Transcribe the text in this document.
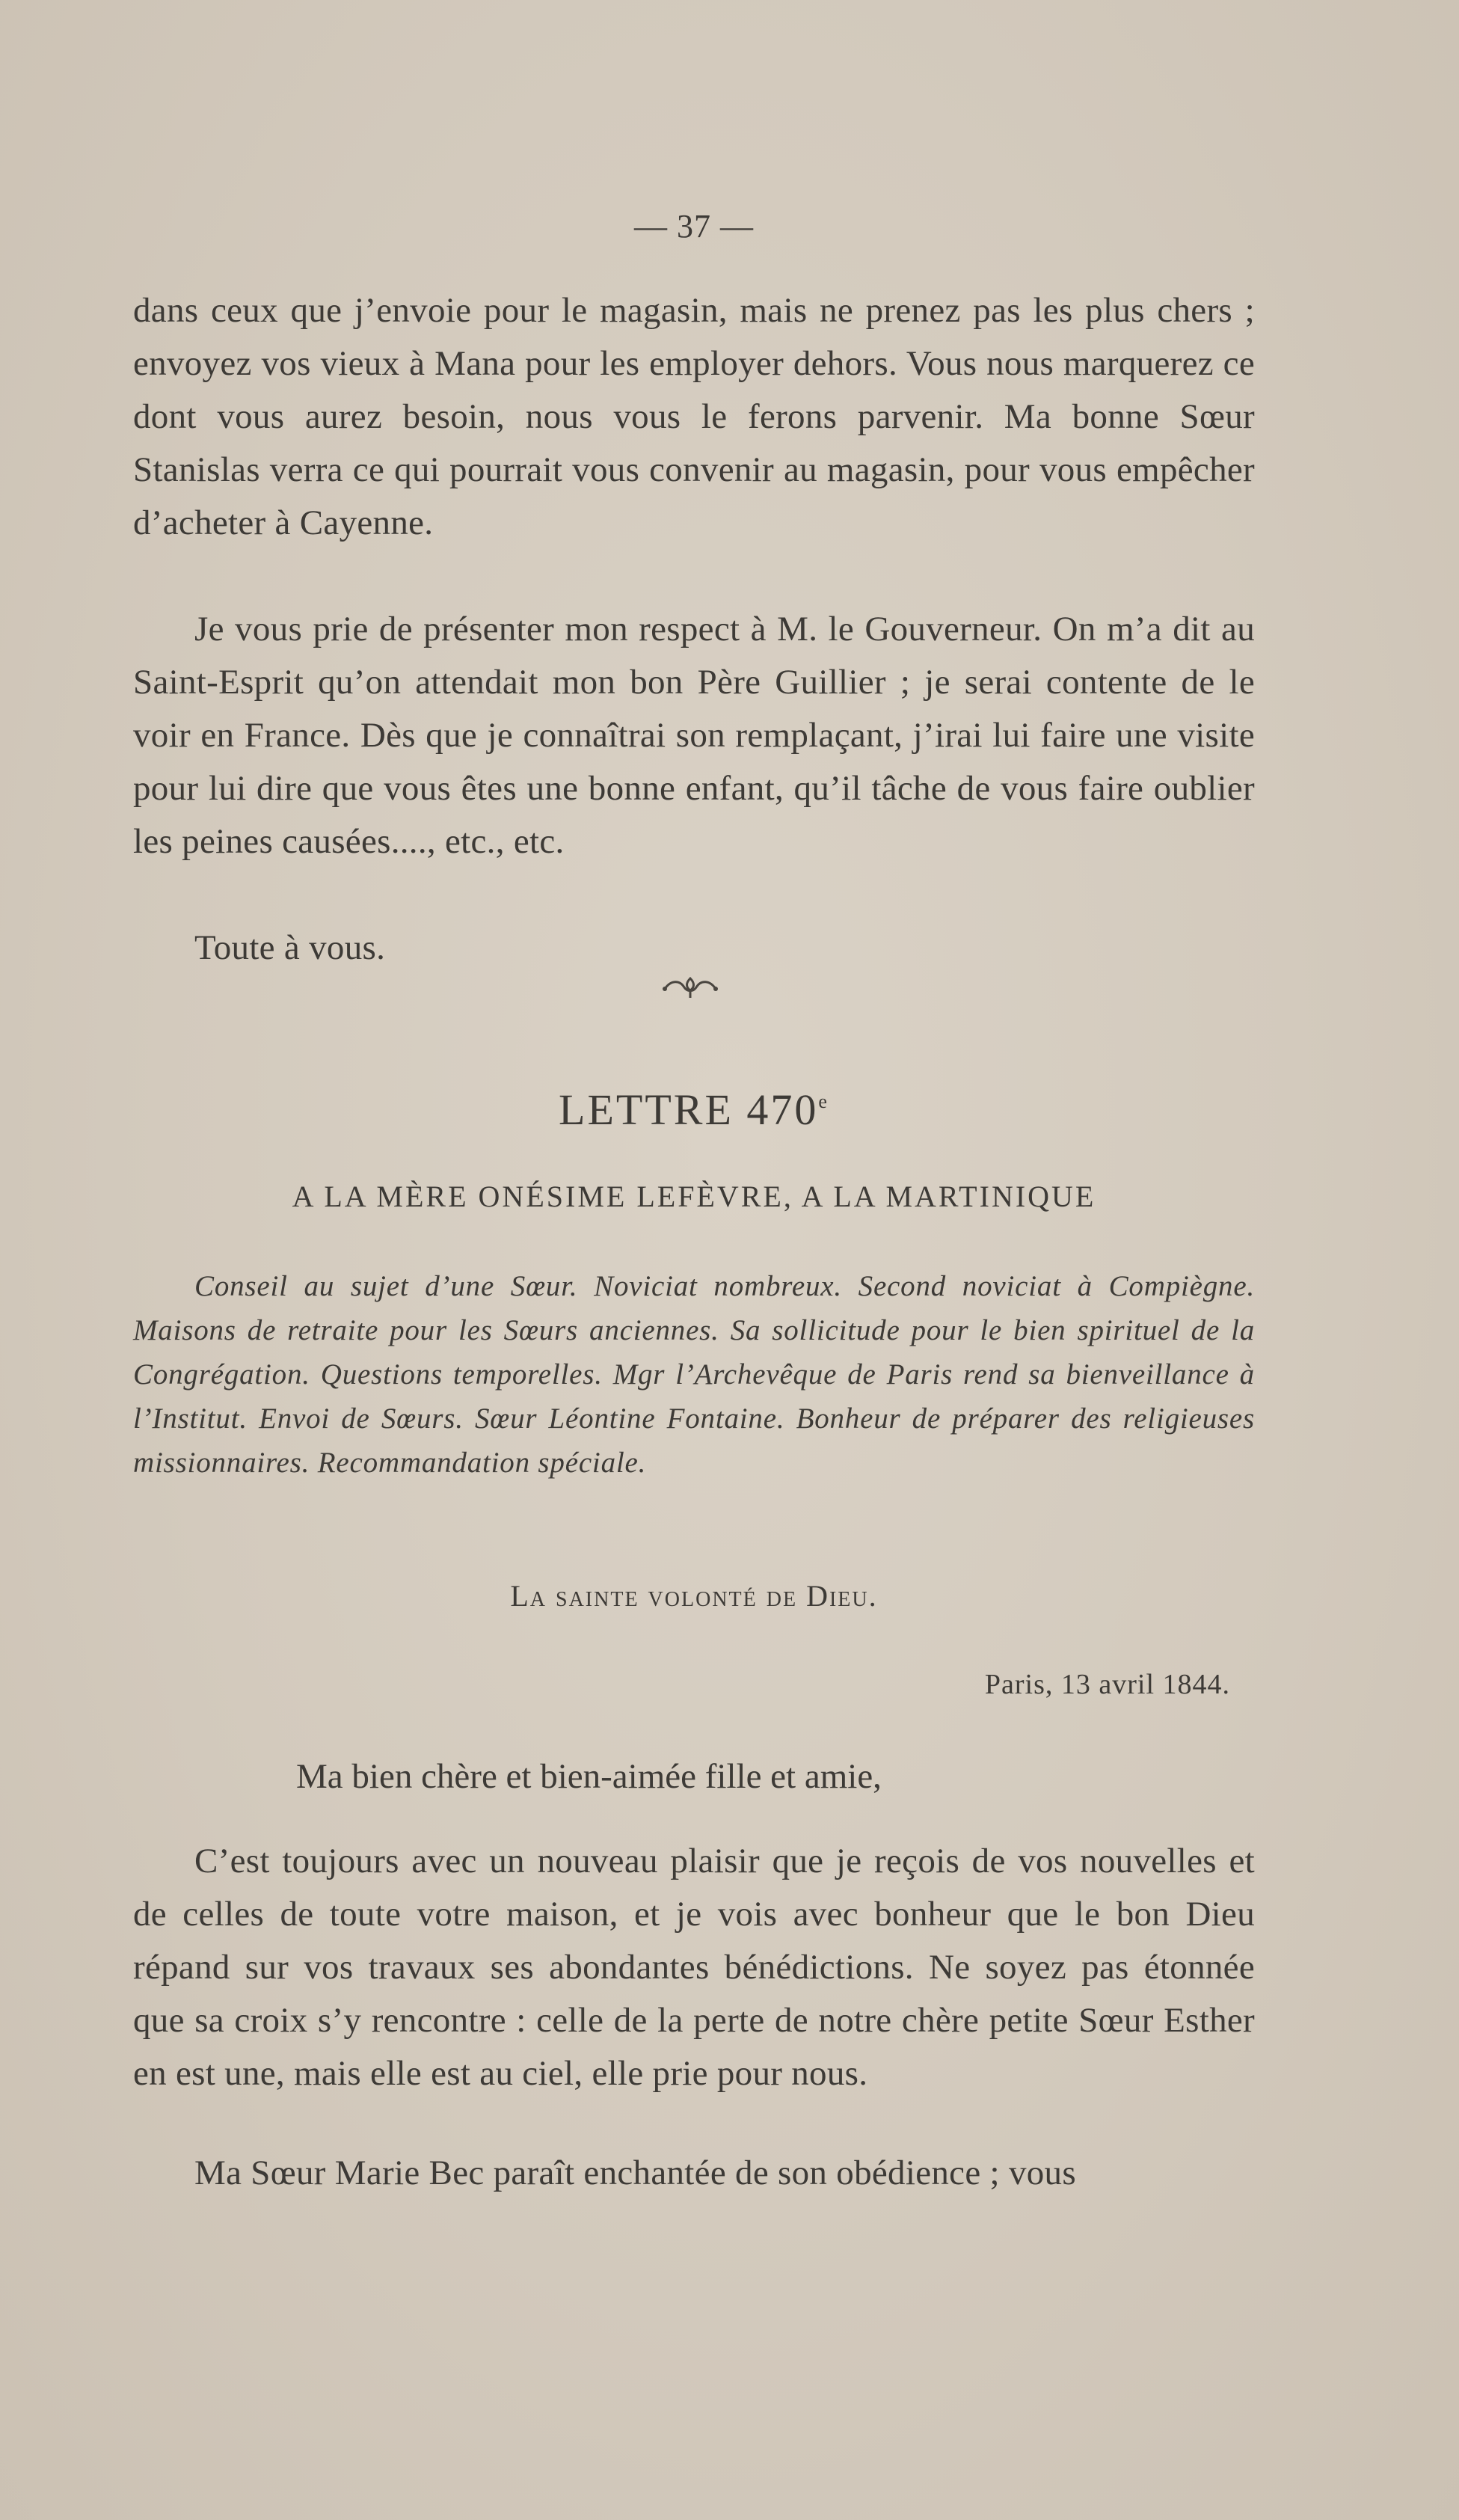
— 37 —
dans ceux que j’envoie pour le magasin, mais ne prenez pas les plus chers ; envoyez vos vieux à Mana pour les employer dehors. Vous nous marquerez ce dont vous aurez besoin, nous vous le ferons parvenir. Ma bonne Sœur Stanislas verra ce qui pourrait vous convenir au magasin, pour vous empêcher d’acheter à Cayenne.
Je vous prie de présenter mon respect à M. le Gouverneur. On m’a dit au Saint-Esprit qu’on attendait mon bon Père Guillier ; je serai contente de le voir en France. Dès que je connaîtrai son remplaçant, j’irai lui faire une visite pour lui dire que vous êtes une bonne enfant, qu’il tâche de vous faire oublier les peines causées...., etc., etc.
Toute à vous.
LETTRE 470e
A LA MÈRE ONÉSIME LEFÈVRE, A LA MARTINIQUE
Conseil au sujet d’une Sœur. Noviciat nombreux. Second noviciat à Compiègne. Maisons de retraite pour les Sœurs anciennes. Sa sollicitude pour le bien spirituel de la Congrégation. Questions temporelles. Mgr l’Archevêque de Paris rend sa bienveillance à l’Institut. Envoi de Sœurs. Sœur Léontine Fontaine. Bonheur de préparer des religieuses missionnaires. Recommandation spéciale.
La sainte volonté de Dieu.
Paris, 13 avril 1844.
Ma bien chère et bien-aimée fille et amie,
C’est toujours avec un nouveau plaisir que je reçois de vos nouvelles et de celles de toute votre maison, et je vois avec bonheur que le bon Dieu répand sur vos travaux ses abondantes bénédictions. Ne soyez pas étonnée que sa croix s’y rencontre : celle de la perte de notre chère petite Sœur Esther en est une, mais elle est au ciel, elle prie pour nous.
Ma Sœur Marie Bec paraît enchantée de son obédience ; vous
